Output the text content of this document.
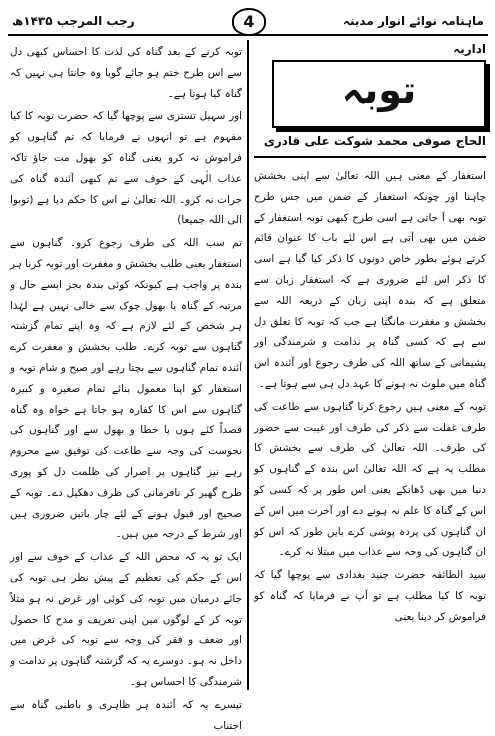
رجب المرجب ۱۴۳۵ھ	4	ماہنامہ نوائے انوار مدینہ
اداریہ
توبہ
الحاج صوفی محمد شوکت علی قادری

استغفار کے معنی ہیں اللہ تعالیٰ سے اپنی بخشش چاہنا اور چونکہ استغفار کے ضمن میں جس طرح توبہ بھی آ جاتی ہے اسی طرح کبھی توبہ استغفار کے ضمن میں بھی آتی ہے اس لئے باب کا عنوان قائم کرتے ہوئے بطور خاص دونوں کا ذکر کیا گیا ہے اسی کا ذکر اس لئے ضروری ہے کہ استغفار زبان سے متعلق ہے کہ بندہ اپنی زبان کے ذریعہ اللہ سے بخشش و مغفرت مانگتا ہے جب کہ توبہ کا تعلق دل سے ہے کہ کسی گناہ پر ندامت و شرمندگی اور پشیمانی کے ساتھ اللہ کی طرف رجوع اور آئندہ اس گناہ میں ملوث نہ ہونے کا عہد دل ہی سے ہوتا ہے۔

توبہ کے معنی ہیں رجوع کرنا گناہوں سے طاعت کی طرف غفلت سے ذکر کی طرف اور غیبت سے حضور کی طرف۔ اللہ تعالیٰ کی طرف سے بخشش کا مطلب یہ ہے کہ اللہ تعالیٰ اس بندہ کے گناہوں کو دنیا میں بھی ڈھانکے یعنی اس طور پر کہ کسی کو اس کے گناہ کا علم نہ ہونے دے اور آخرت میں اس کے ان گناہوں کی پردہ پوشی کرے بایں طور کہ اس کو ان گناہوں کی وجہ سے عذاب میں مبتلا نہ کرے۔

سید الطائفہ حضرت جنید بغدادی سے پوچھا گیا کہ توبہ کا کیا مطلب ہے تو آپ نے فرمایا کہ گناہ کو فراموش کر دینا یعنی

توبہ کرنے کے بعد گناہ کی لذت کا احساس کبھی دل سے اس طرح ختم ہو جائے گویا وہ جانتا ہی نہیں کہ گناہ کیا ہوتا ہے۔

اور سہیل تستری سے پوچھا گیا کہ حضرت توبہ کا کیا مفہوم ہے تو انہوں نے فرمایا کہ تم گناہوں کو فراموش نہ کرو یعنی گناہ کو بھول مت جاؤ تاکہ عذاب الٰہی کے خوف سے تم کبھی آئندہ گناہ کی جرات نہ کرو۔ اللہ تعالیٰ نے اس کا حکم دیا ہے (توبوا الی اللہ جمیعا)

تم سب اللہ کی طرف رجوع کرو۔ گناہوں سے استغفار یعنی طلب بخشش و مغفرت اور توبہ کرنا ہر بندہ پر واجب ہے کیونکہ کوئی بندہ بجز ایسے حال و مرتبہ کے گناہ یا بھول چوک سے خالی نہیں ہے لہٰذا ہر شخص کے لئے لازم ہے کہ وہ اپنے تمام گزشتہ گناہوں سے توبہ کرے۔ طلب بخشش و مغفرت کرے آئندہ تمام گناہوں سے بچتا رہے اور صبح و شام توبہ و استغفار کو اپنا معمول بنائے تمام صغیرہ و کبیرہ گناہوں سے اس کا کفارہ ہو جاتا ہے خواہ وہ گناہ قصداً کئے ہوں یا خطا و بھول سے اور گناہوں کی نحوست کی وجہ سے طاعت کی توفیق سے محروم رہے نیز گناہوں پر اصرار کی ظلمت دل کو پوری طرح گھیر کر نافرمانی کی طرف دھکیل دے۔ توبہ کے صحیح اور قبول ہونے کے لئے چار باتیں ضروری ہیں اور شرط کے درجہ میں ہیں۔

ایک تو یہ کہ محض اللہ کے عذاب کے خوف سے اور اس کے حکم کی تعظیم کے پیش نظر ہی توبہ کی جائے درمیان میں توبہ کی کوئی اور غرض نہ ہو مثلاً توبہ کر کے لوگوں میں اپنی تعریف و مدح کا حصول اور ضعف و فقر کی وجہ سے توبہ کی غرض میں داخل نہ ہو۔ دوسرے یہ کہ گزشتہ گناہوں پر ندامت و شرمندگی کا احساس ہو۔

تیسرے یہ کہ آئندہ ہر ظاہری و باطنی گناہ سے اجتناب
